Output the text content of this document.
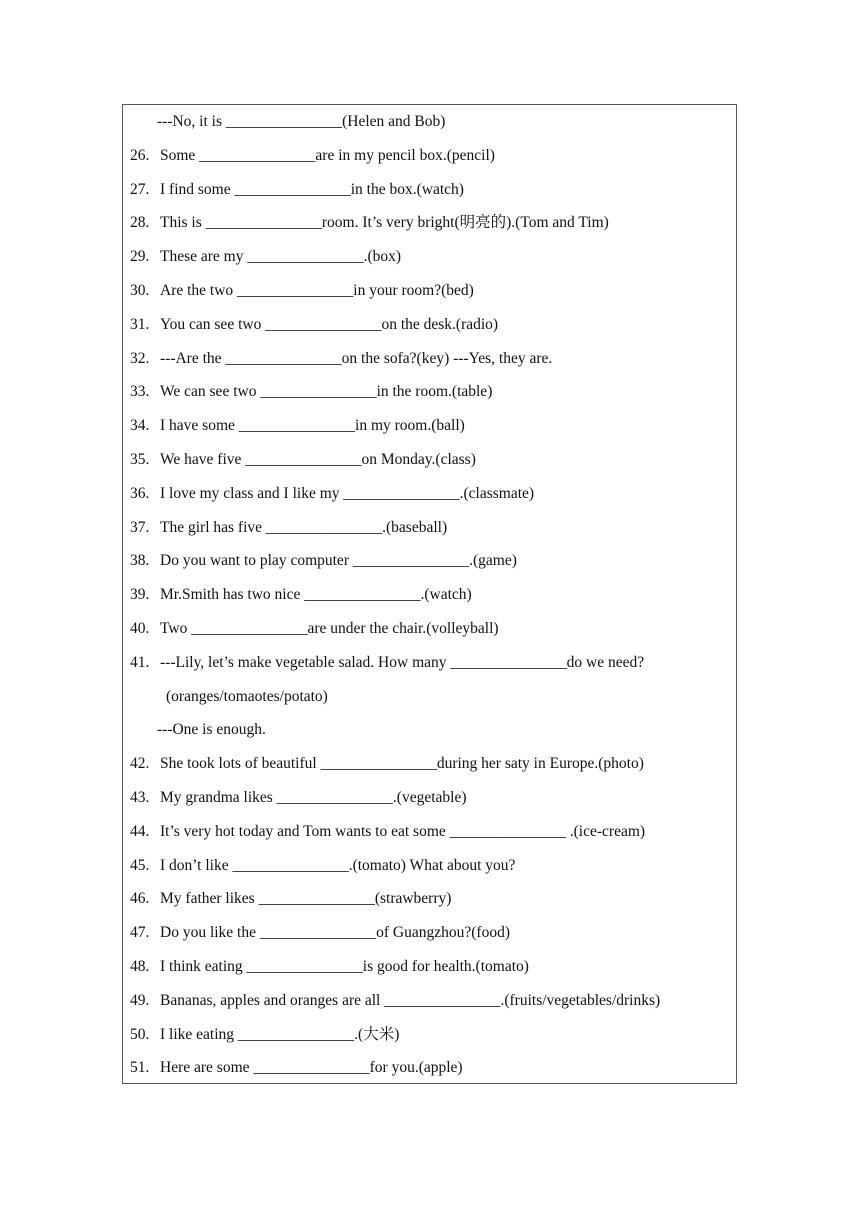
---No, it is _______________(Helen and Bob)
26. Some _______________are in my pencil box.(pencil)
27. I find some _______________in the box.(watch)
28. This is _______________room. It’s very bright(明亮的).(Tom and Tim)
29. These are my _______________.(box)
30. Are the two _______________in your room?(bed)
31. You can see two _______________on the desk.(radio)
32. ---Are the _______________on the sofa?(key) ---Yes, they are.
33. We can see two _______________in the room.(table)
34. I have some _______________in my room.(ball)
35. We have five _______________on Monday.(class)
36. I love my class and I like my _______________.(classmate)
37. The girl has five _______________.(baseball)
38. Do you want to play computer _______________.(game)
39. Mr.Smith has two nice _______________.(watch)
40. Two _______________are under the chair.(volleyball)
41. ---Lily, let’s make vegetable salad. How many _______________do we need?
(oranges/tomaotes/potato)
---One is enough.
42. She took lots of beautiful _______________during her saty in Europe.(photo)
43. My grandma likes _______________.(vegetable)
44. It’s very hot today and Tom wants to eat some _______________ .(ice-cream)
45. I don’t like _______________.(tomato) What about you?
46. My father likes _______________(strawberry)
47. Do you like the _______________of Guangzhou?(food)
48. I think eating _______________is good for health.(tomato)
49. Bananas, apples and oranges are all _______________.(fruits/vegetables/drinks)
50. I like eating _______________.(大米)
51. Here are some _______________for you.(apple)
